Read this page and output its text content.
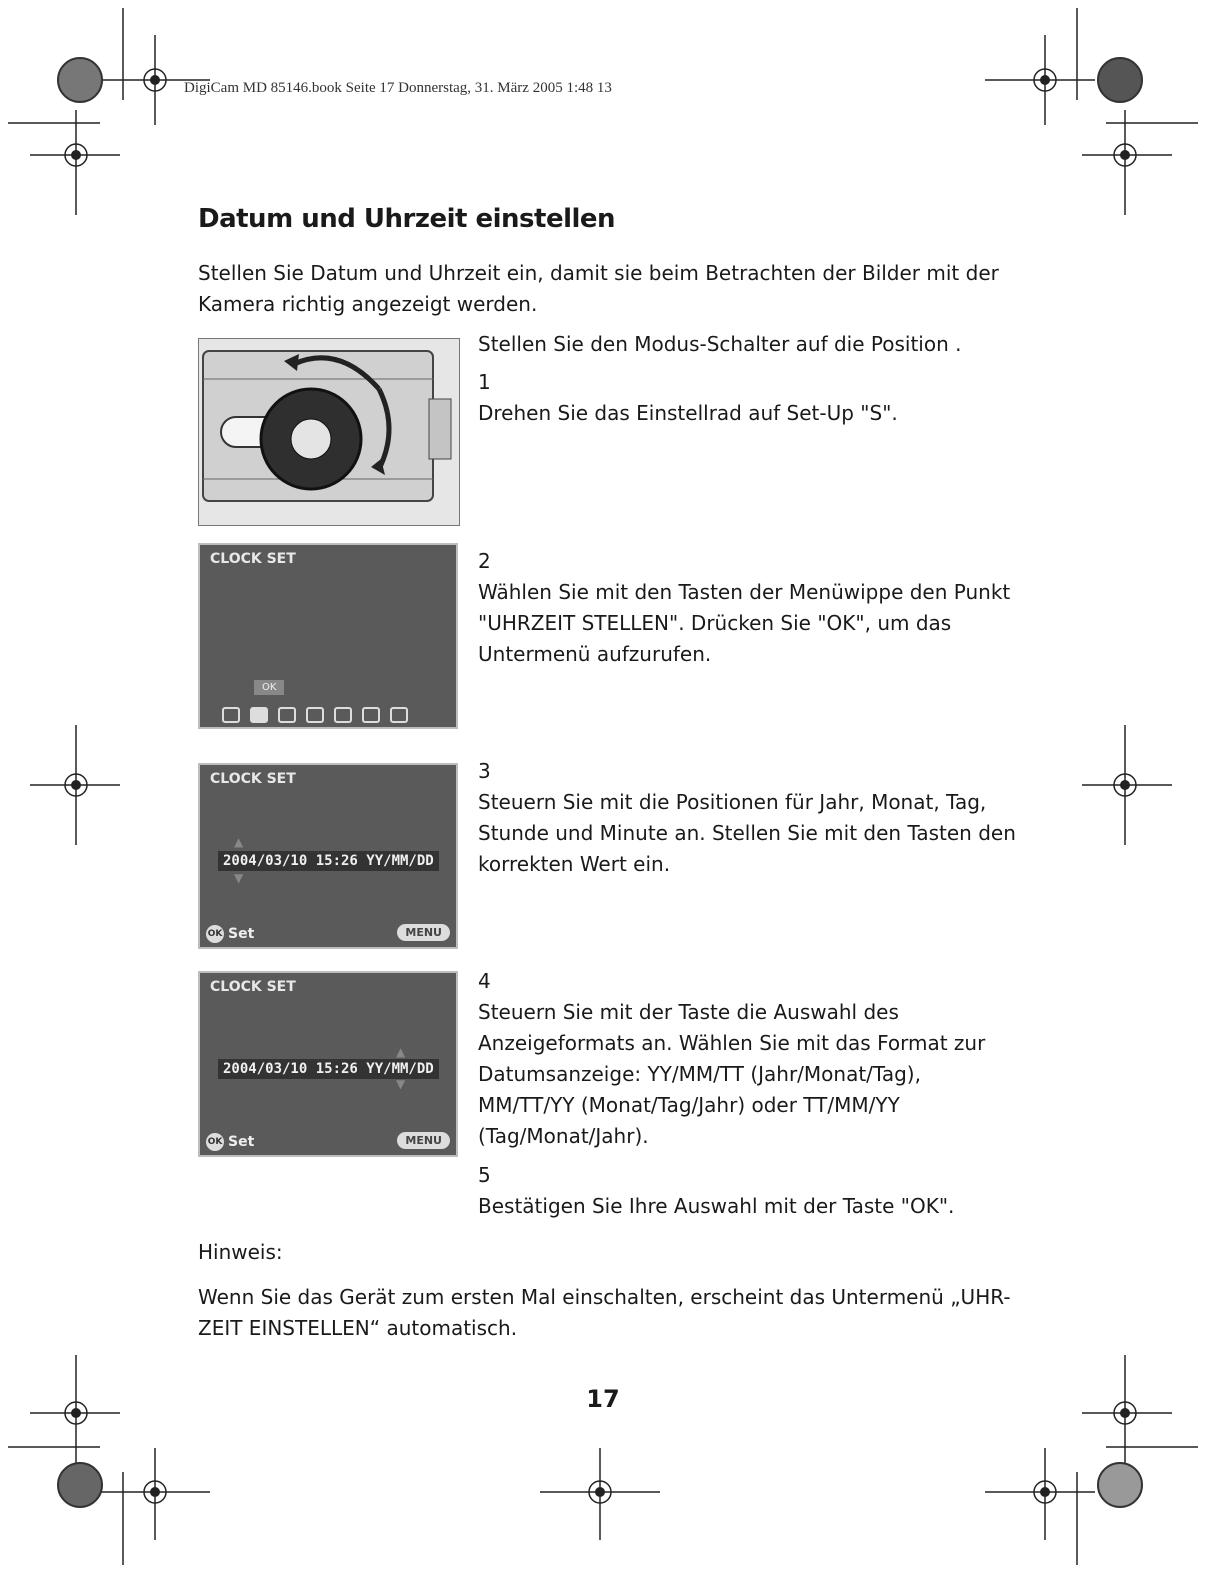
DigiCam MD 85146.book Seite 17 Donnerstag, 31. März 2005 1:48 13
Datum und Uhrzeit einstellen
Stellen Sie Datum und Uhrzeit ein, damit sie beim Betrachten der Bilder mit der Kamera richtig angezeigt werden.
Stellen Sie den Modus-Schalter auf die Position .
1
Drehen Sie das Einstellrad auf Set-Up "S".
CLOCK SET
OK
2
Wählen Sie mit den Tasten der Menüwippe den Punkt "UHRZEIT STELLEN". Drücken Sie "OK", um das Untermenü aufzurufen.
CLOCK SET
▲
2004/03/10 15:26 YY/MM/DD
▼
OK Set	MENU
3
Steuern Sie mit die Positionen für Jahr, Monat, Tag, Stunde und Minute an. Stellen Sie mit den Tasten den korrekten Wert ein.
CLOCK SET
▲
2004/03/10 15:26 YY/MM/DD
▼
OK Set	MENU
4
Steuern Sie mit der Taste die Auswahl des Anzeigeformats an. Wählen Sie mit das Format zur Datumsanzeige: YY/MM/TT (Jahr/Monat/Tag), MM/TT/YY (Monat/Tag/Jahr) oder TT/MM/YY (Tag/Monat/Jahr).
5
Bestätigen Sie Ihre Auswahl mit der Taste "OK".
Hinweis:
Wenn Sie das Gerät zum ersten Mal einschalten, erscheint das Untermenü „UHR-ZEIT EINSTELLEN“ automatisch.
17
